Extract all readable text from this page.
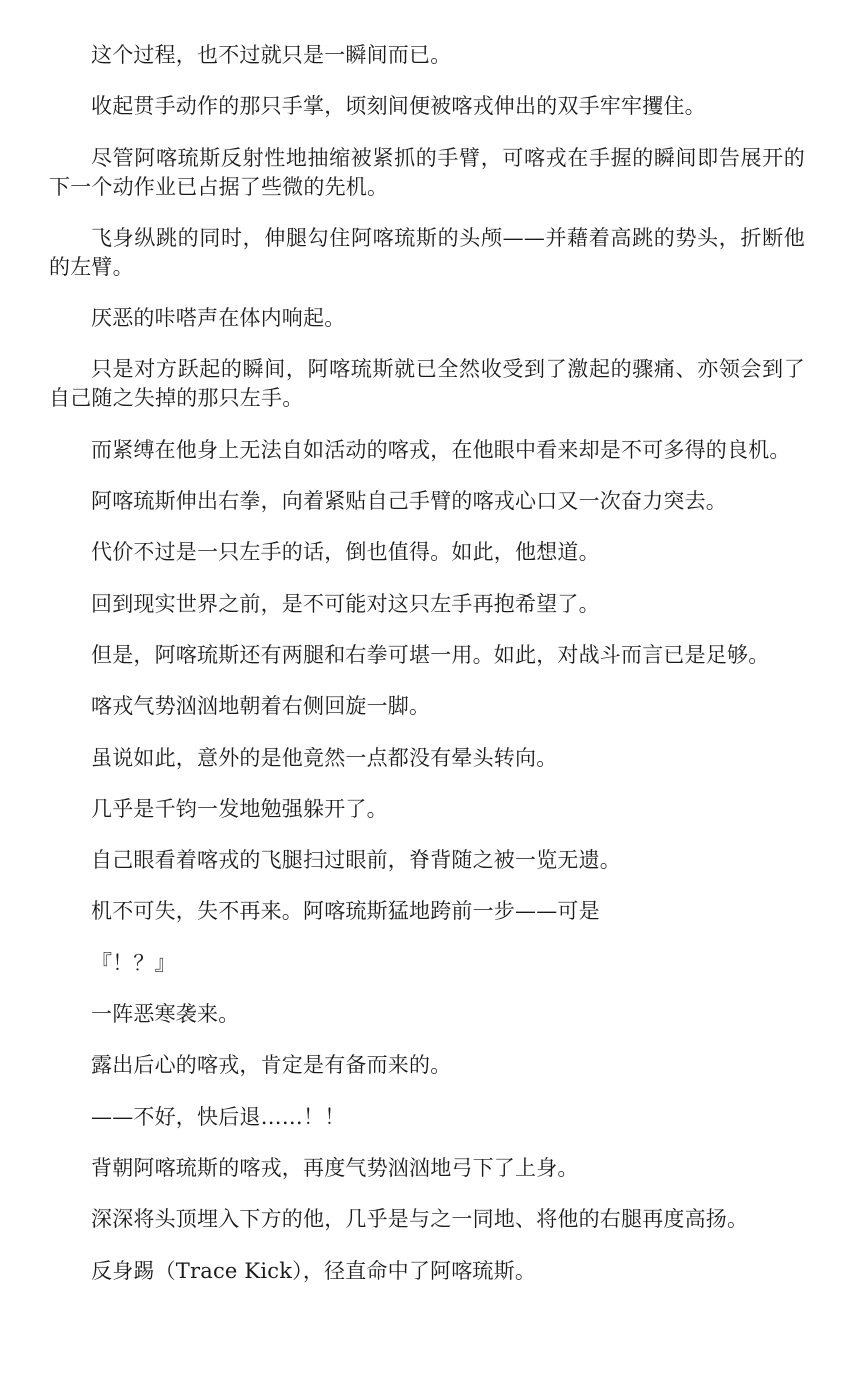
这个过程，也不过就只是一瞬间而已。

收起贯手动作的那只手掌，顷刻间便被喀戎伸出的双手牢牢攫住。

尽管阿喀琉斯反射性地抽缩被紧抓的手臂，可喀戎在手握的瞬间即告展开的下一个动作业已占据了些微的先机。

飞身纵跳的同时，伸腿勾住阿喀琉斯的头颅——并藉着高跳的势头，折断他的左臂。

厌恶的咔嗒声在体内响起。

只是对方跃起的瞬间，阿喀琉斯就已全然收受到了激起的骤痛、亦领会到了自己随之失掉的那只左手。

而紧缚在他身上无法自如活动的喀戎，在他眼中看来却是不可多得的良机。

阿喀琉斯伸出右拳，向着紧贴自己手臂的喀戎心口又一次奋力突去。

代价不过是一只左手的话，倒也值得。如此，他想道。

回到现实世界之前，是不可能对这只左手再抱希望了。

但是，阿喀琉斯还有两腿和右拳可堪一用。如此，对战斗而言已是足够。

喀戎气势汹汹地朝着右侧回旋一脚。

虽说如此，意外的是他竟然一点都没有晕头转向。

几乎是千钧一发地勉强躲开了。

自己眼看着喀戎的飞腿扫过眼前，脊背随之被一览无遗。

机不可失，失不再来。阿喀琉斯猛地跨前一步——可是

『！？』

一阵恶寒袭来。

露出后心的喀戎，肯定是有备而来的。

——不好，快后退……！！

背朝阿喀琉斯的喀戎，再度气势汹汹地弓下了上身。

深深将头顶埋入下方的他，几乎是与之一同地、将他的右腿再度高扬。

反身踢（Trace Kick），径直命中了阿喀琉斯。
